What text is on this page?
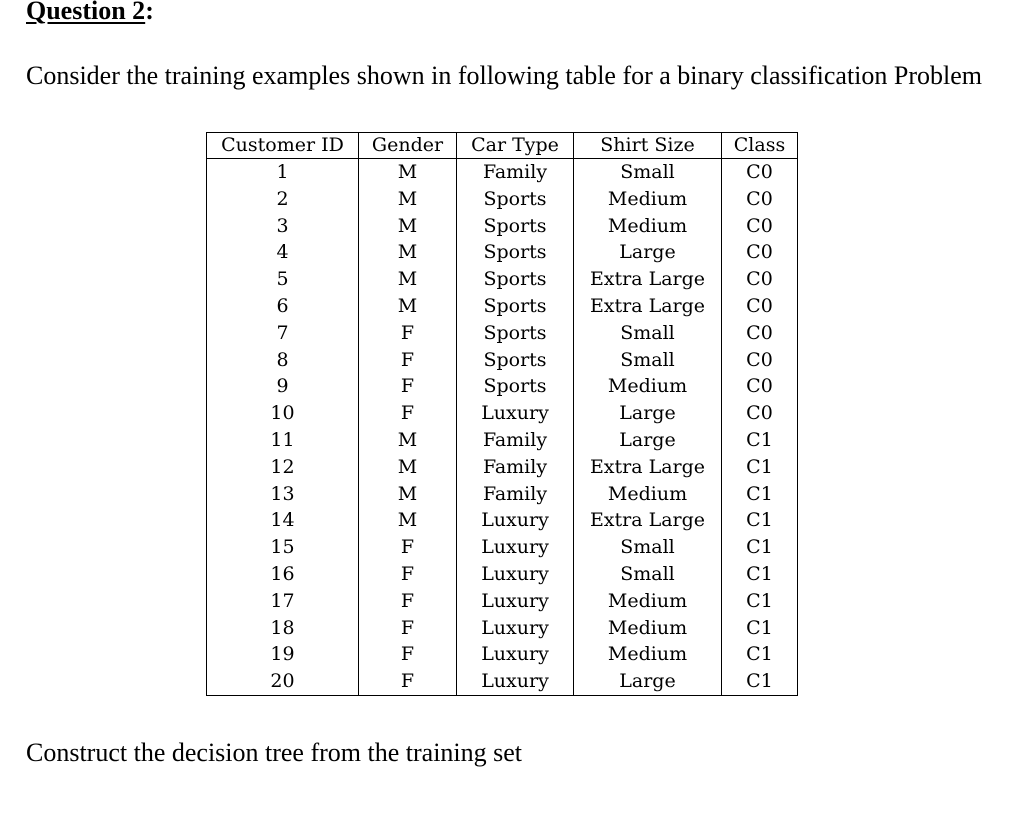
Question 2:
Consider the training examples shown in following table for a binary classification Problem
Customer ID	Gender	Car Type	Shirt Size	Class
1	M	Family	Small	C0
2	M	Sports	Medium	C0
3	M	Sports	Medium	C0
4	M	Sports	Large	C0
5	M	Sports	Extra Large	C0
6	M	Sports	Extra Large	C0
7	F	Sports	Small	C0
8	F	Sports	Small	C0
9	F	Sports	Medium	C0
10	F	Luxury	Large	C0
11	M	Family	Large	C1
12	M	Family	Extra Large	C1
13	M	Family	Medium	C1
14	M	Luxury	Extra Large	C1
15	F	Luxury	Small	C1
16	F	Luxury	Small	C1
17	F	Luxury	Medium	C1
18	F	Luxury	Medium	C1
19	F	Luxury	Medium	C1
20	F	Luxury	Large	C1
Construct the decision tree from the training set
